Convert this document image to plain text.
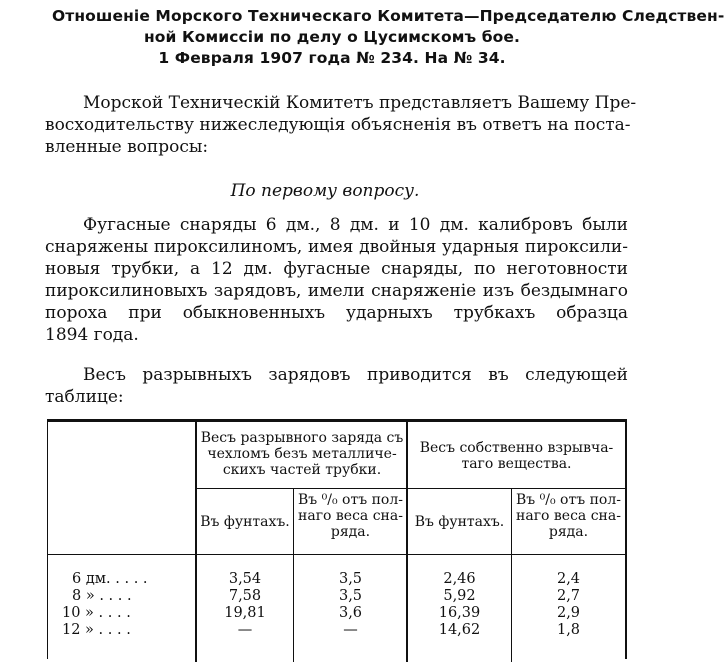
Отношеніе Морского Техническаго Комитета—Председателю Следствен-
ной Комиссіи по делу о Цусимскомъ бое.
1 Февраля 1907 года № 234. На № 34.
Морской Техническій Комитетъ представляетъ Вашему Пре-
восходительству нижеследующія объясненія въ ответъ на поста-
вленные вопросы:
По первому вопросу.
Фугасные снаряды 6 дм., 8 дм. и 10 дм. калибровъ были
снаряжены пироксилиномъ, имея двойныя ударныя пироксили-
новыя трубки, а 12 дм. фугасные снаряды, по неготовности
пироксилиновыхъ зарядовъ, имели снаряженіе изъ бездымнаго
пороха при обыкновенныхъ ударныхъ трубкахъ образца
1894 года.
Весъ разрывныхъ зарядовъ приводится въ следующей
таблице:
Весъ разрывного заряда съ
чехломъ безъ металличе-
скихъ частей трубки.
Весъ собственно взрывча-
таго вещества.
Въ фунтахъ.
Въ ⁰/₀ отъ пол-
наго веса сна-
ряда.
Въ фунтахъ.
Въ ⁰/₀ отъ пол-
наго веса сна-
ряда.
6 дм. . . . .	3,54	3,5	2,46	2,4
8 » . . . .	7,58	3,5	5,92	2,7
10 » . . . .	19,81	3,6	16,39	2,9
12 » . . . .	—	—	14,62	1,8
